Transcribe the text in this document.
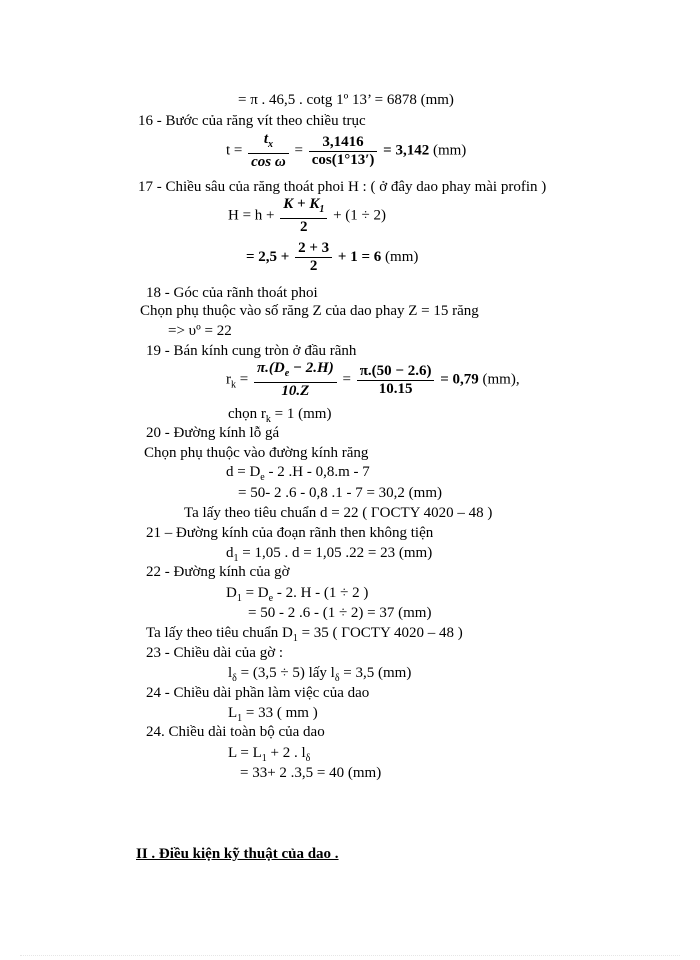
= π . 46,5 . cotg 1º 13’ = 6878 (mm)
16 - Bước của răng vít theo chiều trục
$t = \frac{t_x}{\text{cos ω}} = \frac{3,1416}{\cos(1^\circ 13')} = 3,142$ (mm)
17 - Chiều sâu của răng thoát phoi H : ( ở đây dao phay mài profin )
$H = h + \frac{K + K_1}{2} + (1 \div 2)$
= $2,5 + \frac{2 + 3}{2} + 1 = 6$ (mm)
18 - Góc của rãnh thoát phoi
Chọn phụ thuộc vào số răng Z của dao phay Z = 15 răng
=> υº = 22
19 - Bán kính cung tròn ở đầu rãnh
$r_k = \frac{\pi.(D_e - 2.H)}{10.Z} = \frac{\pi.(50 - 2.6)}{10.15} = 0,79$ (mm),
chọn $r_k = 1$ (mm)
20 - Đường kính lỗ gá
Chọn phụ thuộc vào đường kính răng
$d = D_e - 2$ .H - 0,8.m - 7
= 50- 2 .6 - 0,8 .1 - 7 = 30,2 (mm)
Ta lấy theo tiêu chuẩn d = 22 ( ΓOCTY 4020 – 48 )
21 – Đường kính của đoạn rãnh then không tiện
$d_1 = 1,05$ . d = 1,05 .22 = 23 (mm)
22 - Đường kính của gờ
$D_1 = D_e - 2$. H - (1 ÷ 2 )
= 50 - 2 .6 - (1 ÷ 2) = 37 (mm)
Ta lấy theo tiêu chuẩn $D_1 = 35$ ( ΓOCTY 4020 – 48 )
23 - Chiều dài của gờ :
$l_\delta = (3,5 \div 5)$ lấy $l_\delta = 3,5$ (mm)
24 - Chiều dài phần làm việc của dao
$L_1 = 33$ ( mm )
24. Chiều dài toàn bộ của dao
$L = L_1 + 2$ . $l_\delta$
= 33+ 2 .3,5 = 40 (mm)
II . Điều kiện kỹ thuật của dao .
